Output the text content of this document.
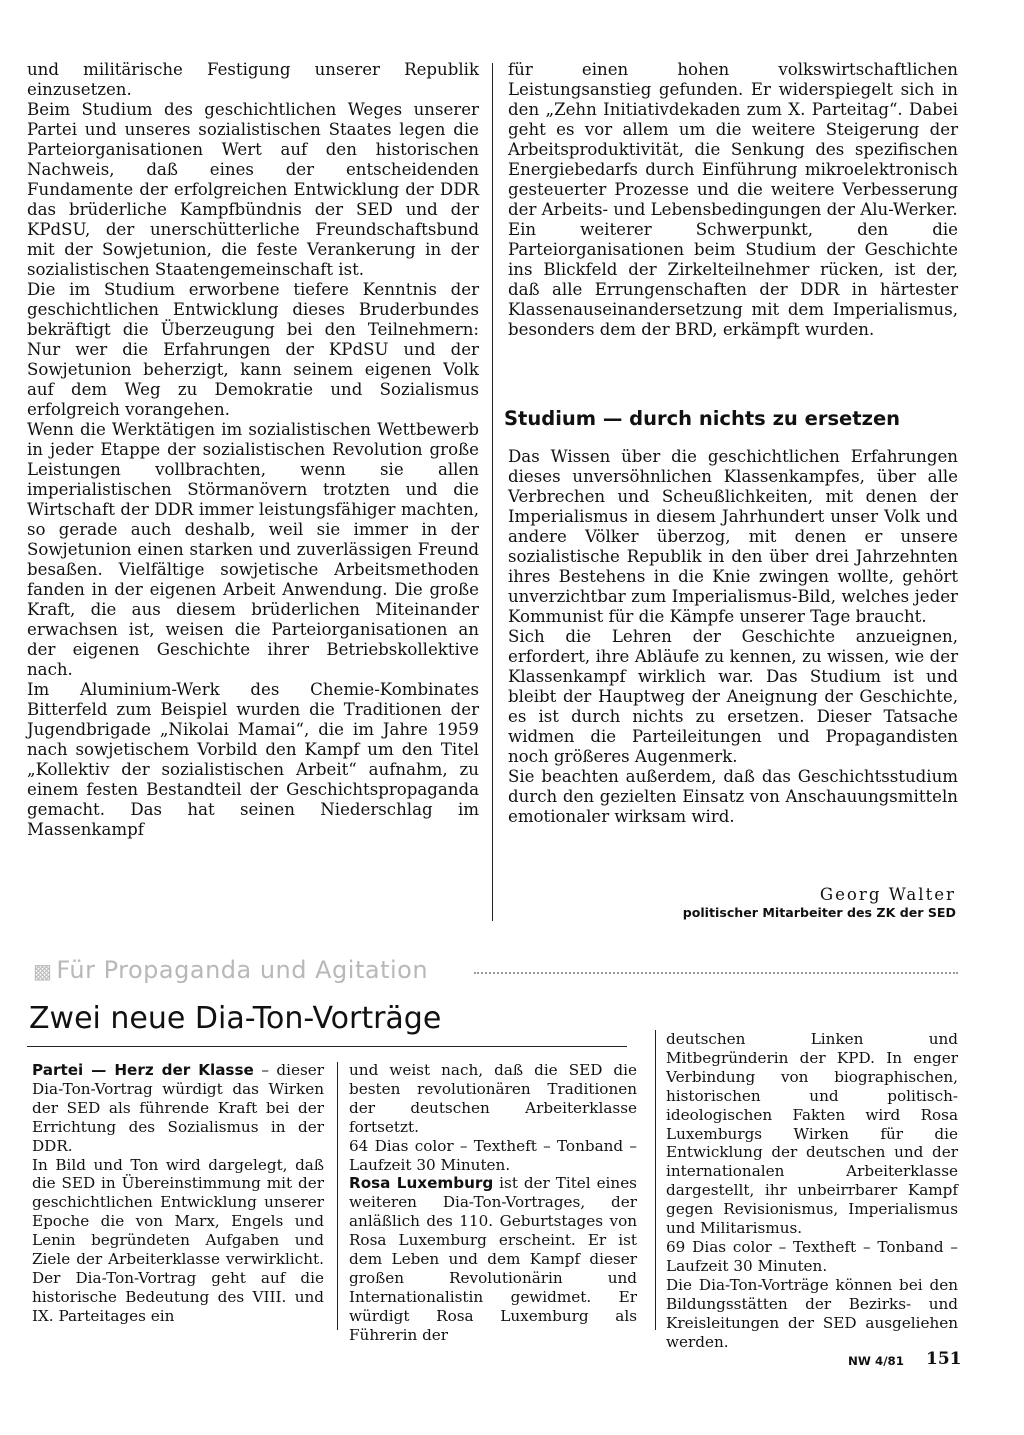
und militärische Festigung unserer Republik einzusetzen.

Beim Studium des geschichtlichen Weges unserer Partei und unseres sozialistischen Staates legen die Parteiorganisationen Wert auf den historischen Nachweis, daß eines der entscheidenden Fundamente der erfolgreichen Entwicklung der DDR das brüderliche Kampfbündnis der SED und der KPdSU, der unerschütterliche Freundschaftsbund mit der Sowjetunion, die feste Verankerung in der sozialistischen Staatengemeinschaft ist.

Die im Studium erworbene tiefere Kenntnis der geschichtlichen Entwicklung dieses Bruderbundes bekräftigt die Überzeugung bei den Teilnehmern: Nur wer die Erfahrungen der KPdSU und der Sowjetunion beherzigt, kann seinem eigenen Volk auf dem Weg zu Demokratie und Sozialismus erfolgreich vorangehen.

Wenn die Werktätigen im sozialistischen Wettbewerb in jeder Etappe der sozialistischen Revolution große Leistungen vollbrachten, wenn sie allen imperialistischen Störmanövern trotzten und die Wirtschaft der DDR immer leistungsfähiger machten, so gerade auch deshalb, weil sie immer in der Sowjetunion einen starken und zuverlässigen Freund besaßen. Vielfältige sowjetische Arbeitsmethoden fanden in der eigenen Arbeit Anwendung. Die große Kraft, die aus diesem brüderlichen Miteinander erwachsen ist, weisen die Parteiorganisationen an der eigenen Geschichte ihrer Betriebskollektive nach.

Im Aluminium-Werk des Chemie-Kombinates Bitterfeld zum Beispiel wurden die Traditionen der Jugendbrigade „Nikolai Mamai“, die im Jahre 1959 nach sowjetischem Vorbild den Kampf um den Titel „Kollektiv der sozialistischen Arbeit“ aufnahm, zu einem festen Bestandteil der Geschichtspropaganda gemacht. Das hat seinen Niederschlag im Massenkampf

für einen hohen volkswirtschaftlichen Leistungsanstieg gefunden. Er widerspiegelt sich in den „Zehn Initiativdekaden zum X. Parteitag“. Dabei geht es vor allem um die weitere Steigerung der Arbeitsproduktivität, die Senkung des spezifischen Energiebedarfs durch Einführung mikroelektronisch gesteuerter Prozesse und die weitere Verbesserung der Arbeits- und Lebensbedingungen der Alu-Werker.

Ein weiterer Schwerpunkt, den die Parteiorganisationen beim Studium der Geschichte ins Blickfeld der Zirkelteilnehmer rücken, ist der, daß alle Errungenschaften der DDR in härtester Klassenauseinandersetzung mit dem Imperialismus, besonders dem der BRD, erkämpft wurden.

Studium — durch nichts zu ersetzen

Das Wissen über die geschichtlichen Erfahrungen dieses unversöhnlichen Klassenkampfes, über alle Verbrechen und Scheußlichkeiten, mit denen der Imperialismus in diesem Jahrhundert unser Volk und andere Völker überzog, mit denen er unsere sozialistische Republik in den über drei Jahrzehnten ihres Bestehens in die Knie zwingen wollte, gehört unverzichtbar zum Imperialismus-Bild, welches jeder Kommunist für die Kämpfe unserer Tage braucht.

Sich die Lehren der Geschichte anzueignen, erfordert, ihre Abläufe zu kennen, zu wissen, wie der Klassenkampf wirklich war. Das Studium ist und bleibt der Hauptweg der Aneignung der Geschichte, es ist durch nichts zu ersetzen. Dieser Tatsache widmen die Parteileitungen und Propagandisten noch größeres Augenmerk.

Sie beachten außerdem, daß das Geschichtsstudium durch den gezielten Einsatz von Anschauungsmitteln emotionaler wirksam wird.

Georg Walter
politischer Mitarbeiter des ZK der SED
▩ Für Propaganda und Agitation
Zwei neue Dia-Ton-Vorträge

Partei — Herz der Klasse – dieser Dia-Ton-Vortrag würdigt das Wirken der SED als führende Kraft bei der Errichtung des Sozialismus in der DDR.

In Bild und Ton wird dargelegt, daß die SED in Übereinstimmung mit der geschichtlichen Entwicklung unserer Epoche die von Marx, Engels und Lenin begründeten Aufgaben und Ziele der Arbeiterklasse verwirklicht. Der Dia-Ton-Vortrag geht auf die historische Bedeutung des VIII. und IX. Parteitages ein

und weist nach, daß die SED die besten revolutionären Traditionen der deutschen Arbeiterklasse fortsetzt.

64 Dias color – Textheft – Tonband – Laufzeit 30 Minuten.

Rosa Luxemburg ist der Titel eines weiteren Dia-Ton-Vortrages, der anläßlich des 110. Geburtstages von Rosa Luxemburg erscheint. Er ist dem Leben und dem Kampf dieser großen Revolutionärin und Internationalistin gewidmet. Er würdigt Rosa Luxemburg als Führerin der

deutschen Linken und Mitbegründerin der KPD. In enger Verbindung von biographischen, historischen und politisch-ideologischen Fakten wird Rosa Luxemburgs Wirken für die Entwicklung der deutschen und der internationalen Arbeiterklasse dargestellt, ihr unbeirrbarer Kampf gegen Revisionismus, Imperialismus und Militarismus.

69 Dias color – Textheft – Tonband – Laufzeit 30 Minuten.

Die Dia-Ton-Vorträge können bei den Bildungsstätten der Bezirks- und Kreisleitungen der SED ausgeliehen werden.

NW 4/81 151
